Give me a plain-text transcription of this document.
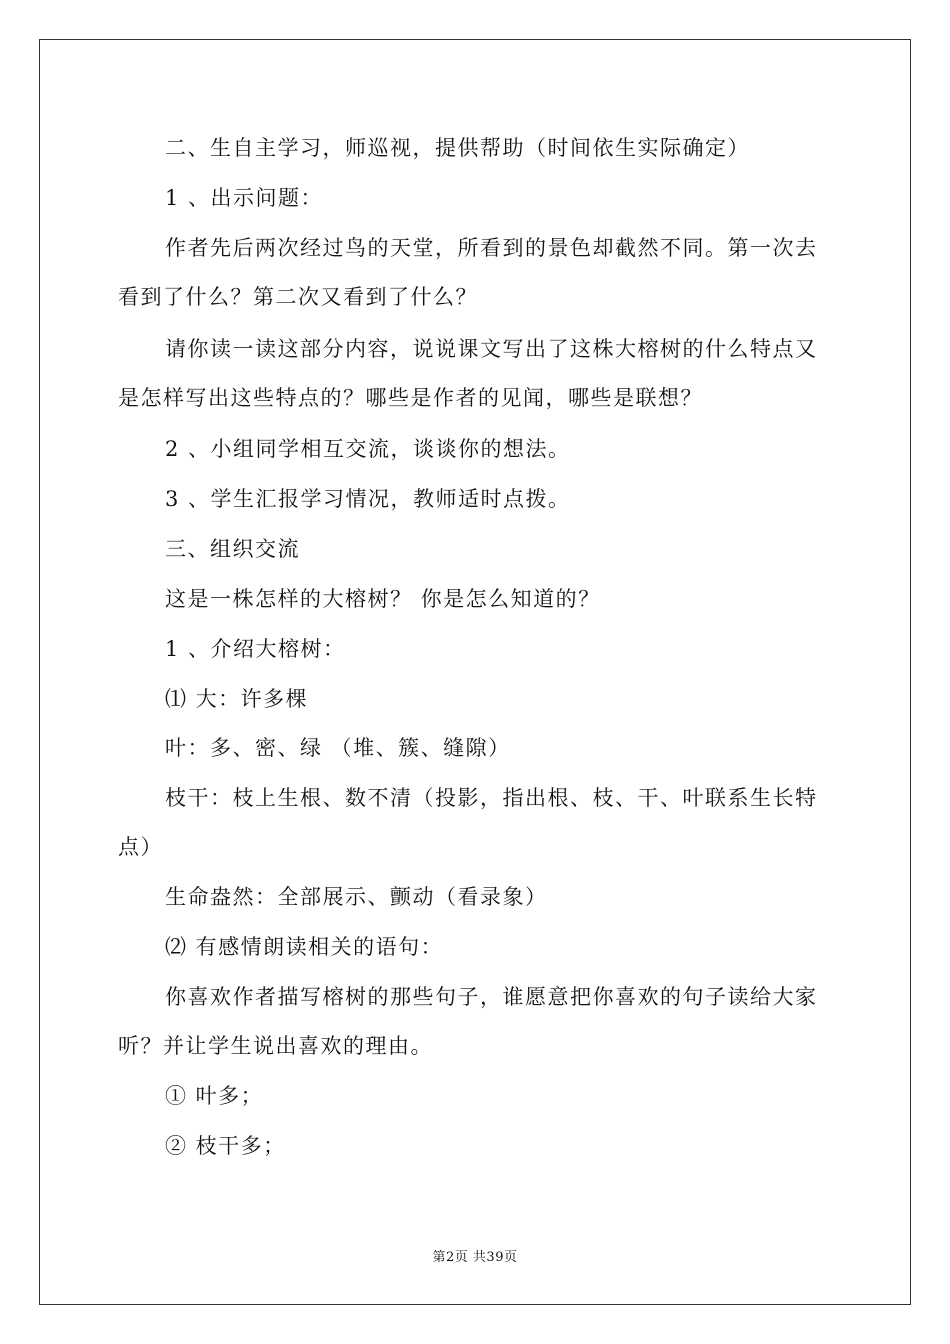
二、生自主学习，师巡视，提供帮助（时间依生实际确定）
1 、出示问题：
作者先后两次经过鸟的天堂，所看到的景色却截然不同。第一次去看到了什么？第二次又看到了什么？
请你读一读这部分内容，说说课文写出了这株大榕树的什么特点又是怎样写出这些特点的？哪些是作者的见闻，哪些是联想？
2 、小组同学相互交流，谈谈你的想法。
3 、学生汇报学习情况，教师适时点拨。
三、组织交流
这是一株怎样的大榕树？ 你是怎么知道的？
1 、介绍大榕树：
⑴ 大：许多棵
叶：多、密、绿 （堆、簇、缝隙）
枝干：枝上生根、数不清（投影，指出根、枝、干、叶联系生长特点）
生命盎然：全部展示、颤动（看录象）
⑵ 有感情朗读相关的语句：
你喜欢作者描写榕树的那些句子，谁愿意把你喜欢的句子读给大家听？并让学生说出喜欢的理由。
① 叶多；
② 枝干多；
第2页 共39页
